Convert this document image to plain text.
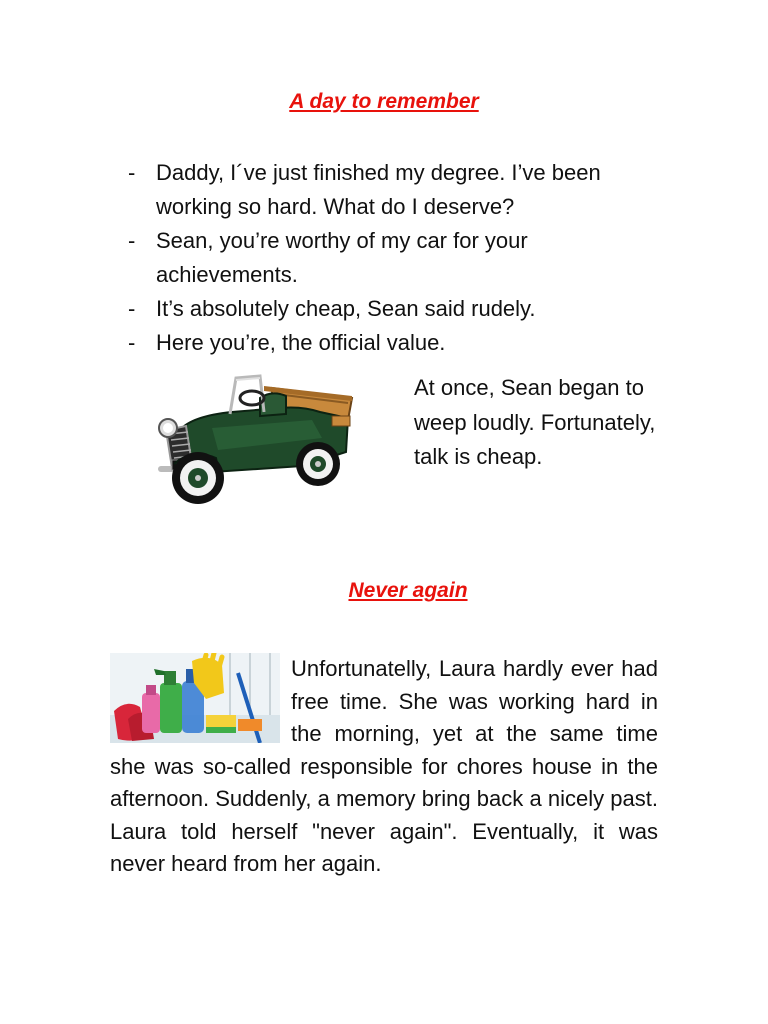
A day to remember
- Daddy, I´ve just finished my degree. I’ve been working so hard. What do I deserve?
- Sean, you’re worthy of my car for your achievements.
- It’s absolutely cheap, Sean said rudely.
- Here you’re, the official value.
At once, Sean began to weep loudly. Fortunately, talk is cheap.
Never again
Unfortunatelly, Laura hardly ever had free time. She was working hard in the morning, yet at the same time she was so-called responsible for chores house in the afternoon. Suddenly, a memory bring back a nicely past. Laura told herself "never again". Eventually, it was never heard from her again.
